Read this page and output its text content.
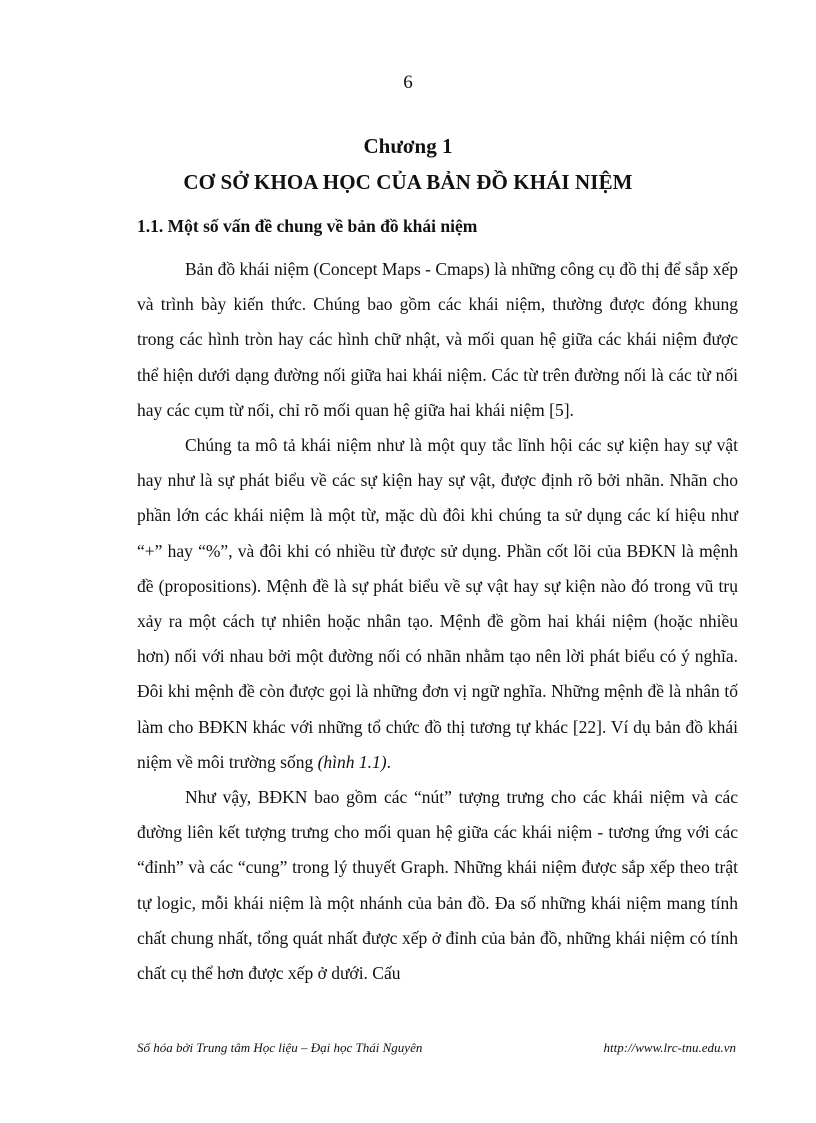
6
Chương 1
CƠ SỞ KHOA HỌC CỦA BẢN ĐỒ KHÁI NIỆM
1.1. Một số vấn đề chung về bản đồ khái niệm

Bản đồ khái niệm (Concept Maps - Cmaps) là những công cụ đồ thị để sắp xếp và trình bày kiến thức. Chúng bao gồm các khái niệm, thường được đóng khung trong các hình tròn hay các hình chữ nhật, và mối quan hệ giữa các khái niệm được thể hiện dưới dạng đường nối giữa hai khái niệm. Các từ trên đường nối là các từ nối hay các cụm từ nối, chỉ rõ mối quan hệ giữa hai khái niệm [5].

Chúng ta mô tả khái niệm như là một quy tắc lĩnh hội các sự kiện hay sự vật hay như là sự phát biểu về các sự kiện hay sự vật, được định rõ bởi nhãn. Nhãn cho phần lớn các khái niệm là một từ, mặc dù đôi khi chúng ta sử dụng các kí hiệu như “+” hay “%”, và đôi khi có nhiều từ được sử dụng. Phần cốt lõi của BĐKN là mệnh đề (propositions). Mệnh đề là sự phát biểu về sự vật hay sự kiện nào đó trong vũ trụ xảy ra một cách tự nhiên hoặc nhân tạo. Mệnh đề gồm hai khái niệm (hoặc nhiều hơn) nối với nhau bởi một đường nối có nhãn nhằm tạo nên lời phát biểu có ý nghĩa. Đôi khi mệnh đề còn được gọi là những đơn vị ngữ nghĩa. Những mệnh đề là nhân tố làm cho BĐKN khác với những tổ chức đồ thị tương tự khác [22]. Ví dụ bản đồ khái niệm về môi trường sống (hình 1.1).

Như vậy, BĐKN bao gồm các “nút” tượng trưng cho các khái niệm và các đường liên kết tượng trưng cho mối quan hệ giữa các khái niệm - tương ứng với các “đỉnh” và các “cung” trong lý thuyết Graph. Những khái niệm được sắp xếp theo trật tự logic, mỗi khái niệm là một nhánh của bản đồ. Đa số những khái niệm mang tính chất chung nhất, tổng quát nhất được xếp ở đỉnh của bản đồ, những khái niệm có tính chất cụ thể hơn được xếp ở dưới. Cấu

Số hóa bởi Trung tâm Học liệu – Đại học Thái Nguyên	http://www.lrc-tnu.edu.vn
